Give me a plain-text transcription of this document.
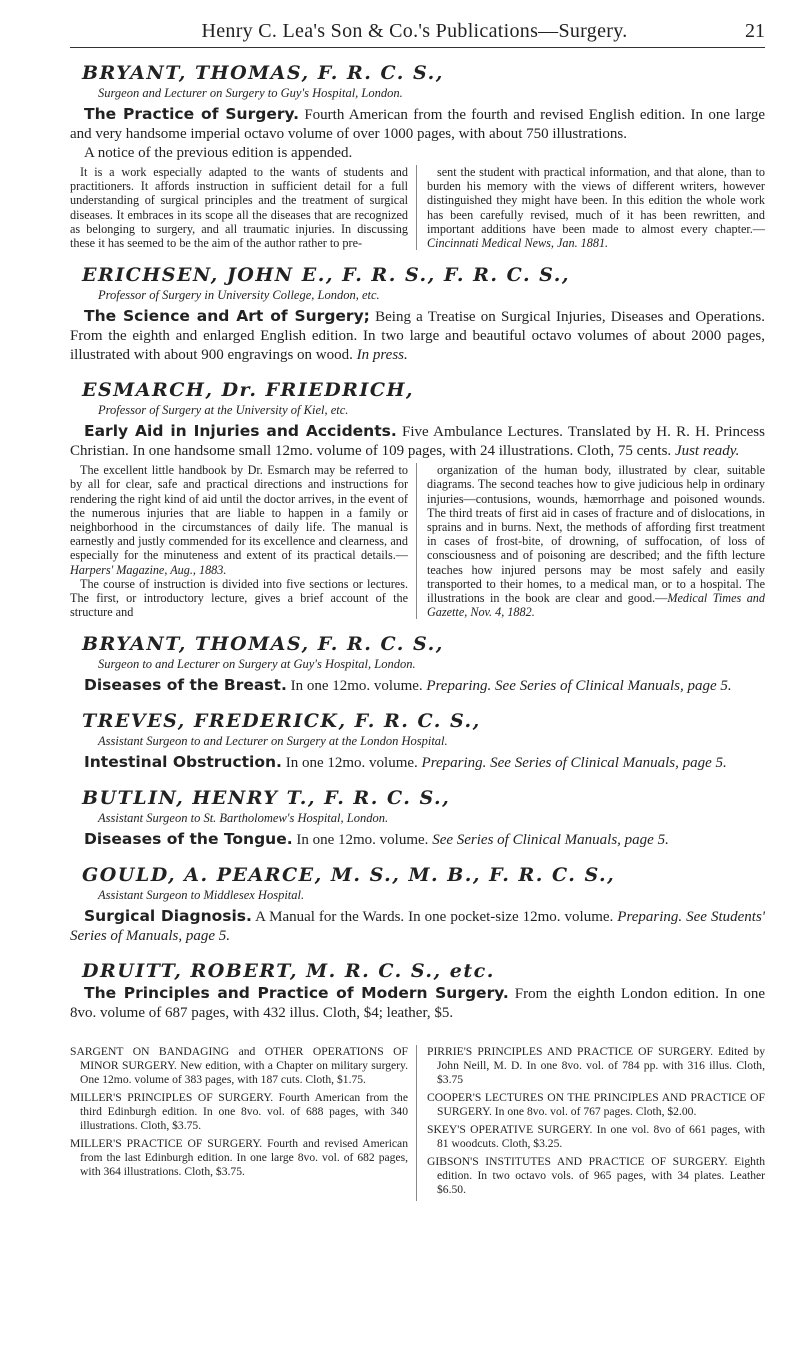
Henry C. Lea's Son & Co.'s Publications—Surgery.	21
BRYANT, THOMAS, F. R. C. S.,
Surgeon and Lecturer on Surgery to Guy's Hospital, London.

The Practice of Surgery. Fourth American from the fourth and revised English edition. In one large and very handsome imperial octavo volume of over 1000 pages, with about 750 illustrations.

A notice of the previous edition is appended.

It is a work especially adapted to the wants of students and practitioners. It affords instruction in sufficient detail for a full understanding of surgical principles and the treatment of surgical diseases. It embraces in its scope all the diseases that are recognized as belonging to surgery, and all traumatic injuries. In discussing these it has seemed to be the aim of the author rather to pre-

sent the student with practical information, and that alone, than to burden his memory with the views of different writers, however distinguished they might have been. In this edition the whole work has been carefully revised, much of it has been rewritten, and important additions have been made to almost every chapter.—Cincinnati Medical News, Jan. 1881.

ERICHSEN, JOHN E., F. R. S., F. R. C. S.,
Professor of Surgery in University College, London, etc.

The Science and Art of Surgery; Being a Treatise on Surgical Injuries, Diseases and Operations. From the eighth and enlarged English edition. In two large and beautiful octavo volumes of about 2000 pages, illustrated with about 900 engravings on wood. In press.

ESMARCH, Dr. FRIEDRICH,
Professor of Surgery at the University of Kiel, etc.

Early Aid in Injuries and Accidents. Five Ambulance Lectures. Translated by H. R. H. Princess Christian. In one handsome small 12mo. volume of 109 pages, with 24 illustrations. Cloth, 75 cents. Just ready.

The excellent little handbook by Dr. Esmarch may be referred to by all for clear, safe and practical directions and instructions for rendering the right kind of aid until the doctor arrives, in the event of the numerous injuries that are liable to happen in a family or neighborhood in the circumstances of daily life. The manual is earnestly and justly commended for its excellence and clearness, and especially for the minuteness and extent of its practical details.—Harpers' Magazine, Aug., 1883.

The course of instruction is divided into five sections or lectures. The first, or introductory lecture, gives a brief account of the structure and

organization of the human body, illustrated by clear, suitable diagrams. The second teaches how to give judicious help in ordinary injuries—contusions, wounds, hæmorrhage and poisoned wounds. The third treats of first aid in cases of fracture and of dislocations, in sprains and in burns. Next, the methods of affording first treatment in cases of frost-bite, of drowning, of suffocation, of loss of consciousness and of poisoning are described; and the fifth lecture teaches how injured persons may be most safely and easily transported to their homes, to a medical man, or to a hospital. The illustrations in the book are clear and good.—Medical Times and Gazette, Nov. 4, 1882.

BRYANT, THOMAS, F. R. C. S.,
Surgeon to and Lecturer on Surgery at Guy's Hospital, London.

Diseases of the Breast. In one 12mo. volume. Preparing. See Series of Clinical Manuals, page 5.

TREVES, FREDERICK, F. R. C. S.,
Assistant Surgeon to and Lecturer on Surgery at the London Hospital.

Intestinal Obstruction. In one 12mo. volume. Preparing. See Series of Clinical Manuals, page 5.

BUTLIN, HENRY T., F. R. C. S.,
Assistant Surgeon to St. Bartholomew's Hospital, London.

Diseases of the Tongue. In one 12mo. volume. See Series of Clinical Manuals, page 5.

GOULD, A. PEARCE, M. S., M. B., F. R. C. S.,
Assistant Surgeon to Middlesex Hospital.

Surgical Diagnosis. A Manual for the Wards. In one pocket-size 12mo. volume. Preparing. See Students' Series of Manuals, page 5.

DRUITT, ROBERT, M. R. C. S., etc.

The Principles and Practice of Modern Surgery. From the eighth London edition. In one 8vo. volume of 687 pages, with 432 illus. Cloth, $4; leather, $5.

SARGENT ON BANDAGING and OTHER OPERATIONS OF MINOR SURGERY. New edition, with a Chapter on military surgery. One 12mo. volume of 383 pages, with 187 cuts. Cloth, $1.75.

MILLER'S PRINCIPLES OF SURGERY. Fourth American from the third Edinburgh edition. In one 8vo. vol. of 688 pages, with 340 illustrations. Cloth, $3.75.

MILLER'S PRACTICE OF SURGERY. Fourth and revised American from the last Edinburgh edition. In one large 8vo. vol. of 682 pages, with 364 illustrations. Cloth, $3.75.

PIRRIE'S PRINCIPLES AND PRACTICE OF SURGERY. Edited by John Neill, M. D. In one 8vo. vol. of 784 pp. with 316 illus. Cloth, $3.75

COOPER'S LECTURES ON THE PRINCIPLES AND PRACTICE OF SURGERY. In one 8vo. vol. of 767 pages. Cloth, $2.00.

SKEY'S OPERATIVE SURGERY. In one vol. 8vo of 661 pages, with 81 woodcuts. Cloth, $3.25.

GIBSON'S INSTITUTES AND PRACTICE OF SURGERY. Eighth edition. In two octavo vols. of 965 pages, with 34 plates. Leather $6.50.
